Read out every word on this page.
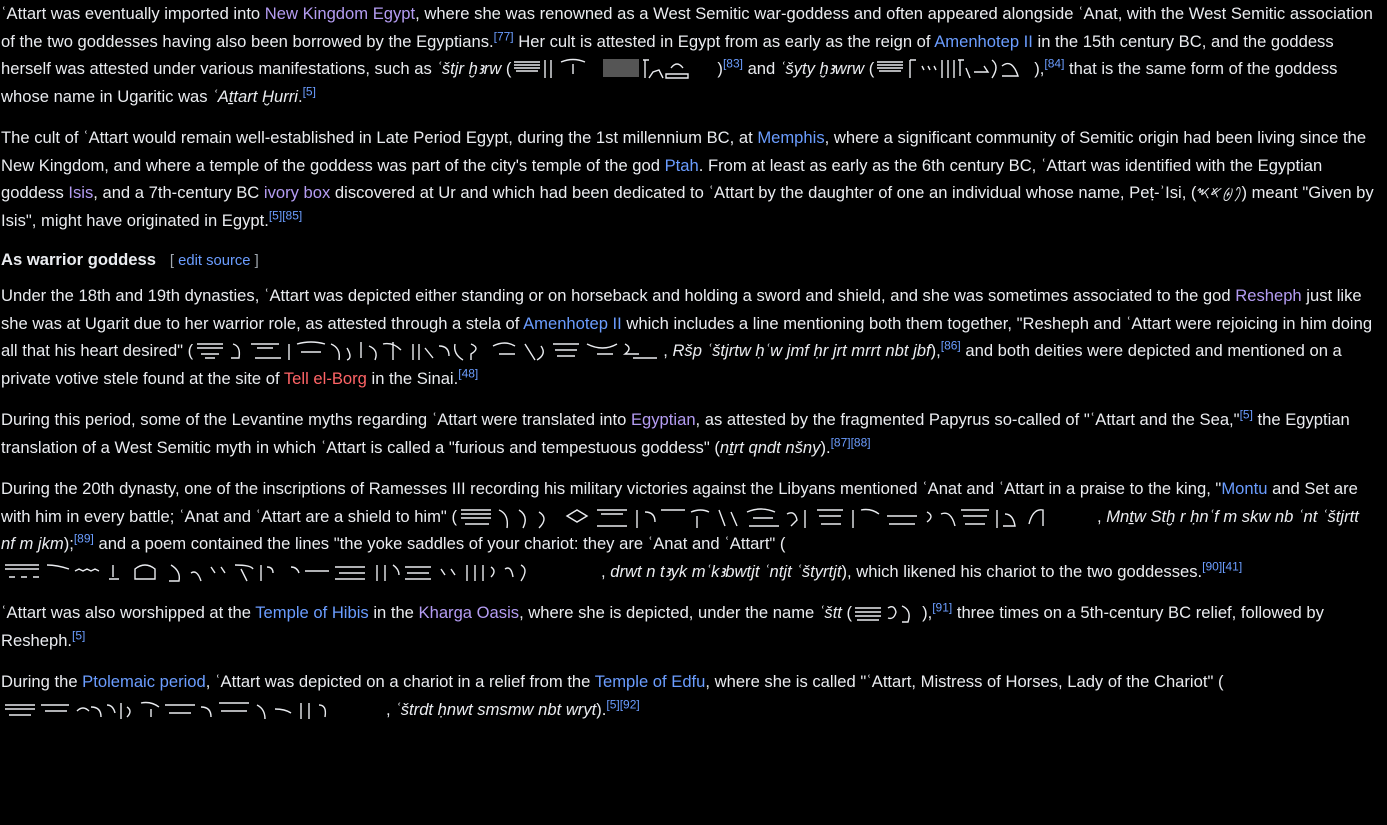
ʿAttart was eventually imported into New Kingdom Egypt, where she was renowned as a West Semitic war-goddess and often appeared alongside ʿAnat, with the West Semitic association of the two goddesses having also been borrowed by the Egyptians.[77] Her cult is attested in Egypt from as early as the reign of Amenhotep II in the 15th century BC, and the goddess herself was attested under various manifestations, such as ʿštjr ḫꜣrw (	)[83] and ʿšyty ḫꜣwrw (	),[84] that is the same form of the goddess whose name in Ugaritic was ʿAṯtart Ḫurri.[5]

The cult of ʿAttart would remain well-established in Late Period Egypt, during the 1st millennium BC, at Memphis, where a significant community of Semitic origin had been living since the New Kingdom, and where a temple of the goddess was part of the city's temple of the god Ptah. From at least as early as the 6th century BC, ʿAttart was identified with the Egyptian goddess Isis, and a 7th-century BC ivory box discovered at Ur and which had been dedicated to ʿAttart by the daughter of one an individual whose name, Peṭ-ʾIsi, (𐤐𐤈𐤀𐤎) meant "Given by Isis", might have originated in Egypt.[5][85]

As warrior goddess [ edit source ]

Under the 18th and 19th dynasties, ʿAttart was depicted either standing or on horseback and holding a sword and shield, and she was sometimes associated to the god Resheph just like she was at Ugarit due to her warrior role, as attested through a stela of Amenhotep II which includes a line mentioning both them together, "Resheph and ʿAttart were rejoicing in him doing all that his heart desired" (	, Ršp ʿštjrtw ḥʿw jmf ḥr jrt mrrt nbt jbf),[86] and both deities were depicted and mentioned on a private votive stele found at the site of Tell el-Borg in the Sinai.[48]

During this period, some of the Levantine myths regarding ʿAttart were translated into Egyptian, as attested by the fragmented Papyrus so-called of "ʿAttart and the Sea,"[5] the Egyptian translation of a West Semitic myth in which ʿAttart is called a "furious and tempestuous goddess" (nṯrt qndt nšny).[87][88]

During the 20th dynasty, one of the inscriptions of Ramesses III recording his military victories against the Libyans mentioned ʿAnat and ʿAttart in a praise to the king, "Montu and Set are with him in every battle; ʿAnat and ʿAttart are a shield to him" (	, Mnṯw Stḫ r ḥnʿf m skw nb ʿnt ʿštjrtt nf m jkm);[89] and a poem contained the lines "the yoke saddles of your chariot: they are ʿAnat and ʿAttart" (
, drwt n tꜣyk mʿkꜣbwtjt ʿntjt ʿštyrtjt), which likened his chariot to the two goddesses.[90][41]

ʿAttart was also worshipped at the Temple of Hibis in the Kharga Oasis, where she is depicted, under the name ʿštt (	),[91] three times on a 5th-century BC relief, followed by Resheph.[5]

During the Ptolemaic period, ʿAttart was depicted on a chariot in a relief from the Temple of Edfu, where she is called "ʿAttart, Mistress of Horses, Lady of the Chariot" (
, ʿštrdt ḥnwt smsmw nbt wryt).[5][92]
